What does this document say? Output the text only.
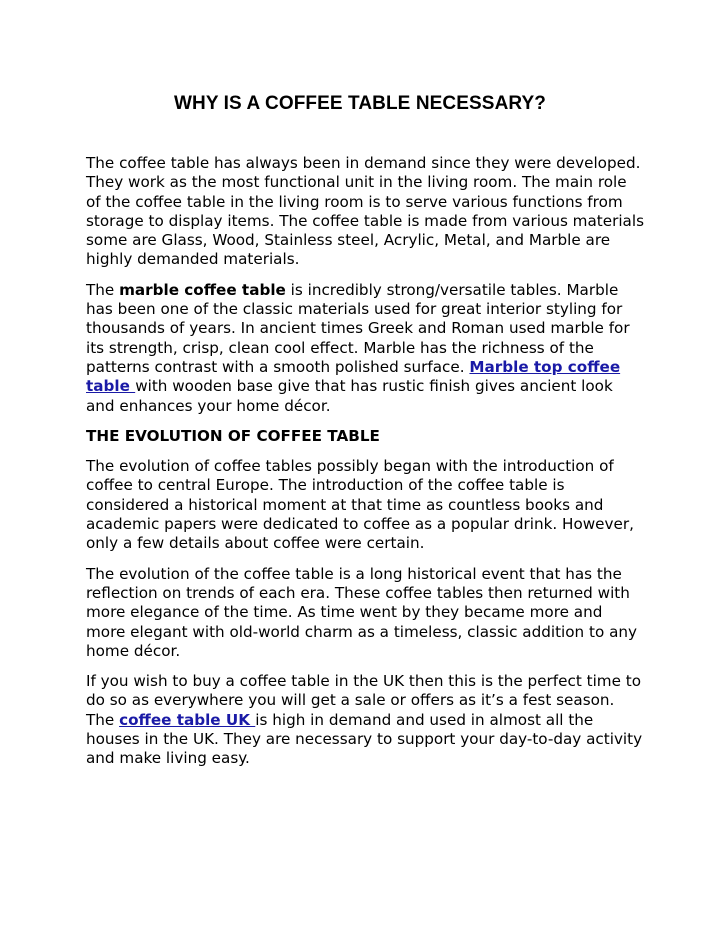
WHY IS A COFFEE TABLE NECESSARY?

The coffee table has always been in demand since they were developed. They work as the most functional unit in the living room. The main role of the coffee table in the living room is to serve various functions from storage to display items. The coffee table is made from various materials some are Glass, Wood, Stainless steel, Acrylic, Metal, and Marble are highly demanded materials.

The marble coffee table is incredibly strong/versatile tables. Marble has been one of the classic materials used for great interior styling for thousands of years. In ancient times Greek and Roman used marble for its strength, crisp, clean cool effect. Marble has the richness of the patterns contrast with a smooth polished surface. Marble top coffee table with wooden base give that has rustic finish gives ancient look and enhances your home décor.

THE EVOLUTION OF COFFEE TABLE

The evolution of coffee tables possibly began with the introduction of coffee to central Europe. The introduction of the coffee table is considered a historical moment at that time as countless books and academic papers were dedicated to coffee as a popular drink. However, only a few details about coffee were certain.

The evolution of the coffee table is a long historical event that has the reflection on trends of each era. These coffee tables then returned with more elegance of the time. As time went by they became more and more elegant with old-world charm as a timeless, classic addition to any home décor.

If you wish to buy a coffee table in the UK then this is the perfect time to do so as everywhere you will get a sale or offers as it’s a fest season. The coffee table UK is high in demand and used in almost all the houses in the UK. They are necessary to support your day-to-day activity and make living easy.
